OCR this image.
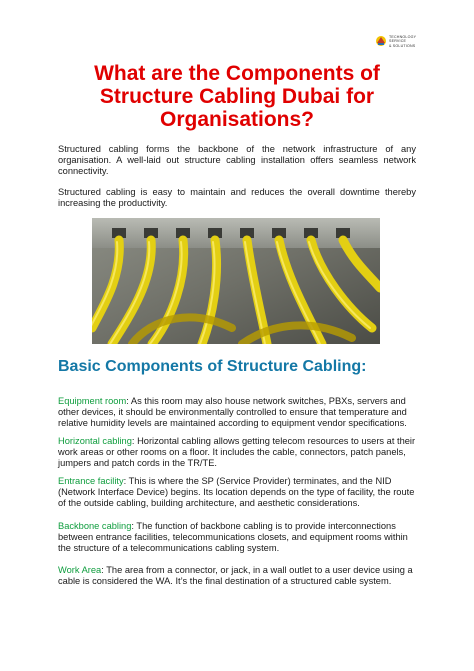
TECHNOLOGY
SERVICE
& SOLUTIONS
What are the Components of Structure Cabling Dubai for Organisations?

Structured cabling forms the backbone of the network infrastructure of any organisation. A well-laid out structure cabling installation offers seamless network connectivity.

Structured cabling is easy to maintain and reduces the overall downtime thereby increasing the productivity.

Basic Components of Structure Cabling:

Equipment room: As this room may also house network switches, PBXs, servers and other devices, it should be environmentally controlled to ensure that temperature and relative humidity levels are maintained according to equipment vendor specifications.

Horizontal cabling: Horizontal cabling allows getting telecom resources to users at their work areas or other rooms on a floor. It includes the cable, connectors, patch panels, jumpers and patch cords in the TR/TE.

Entrance facility: This is where the SP (Service Provider) terminates, and the NID (Network Interface Device) begins. Its location depends on the type of facility, the route of the outside cabling, building architecture, and aesthetic considerations.

Backbone cabling: The function of backbone cabling is to provide interconnections between entrance facilities, telecommunications closets, and equipment rooms within the structure of a telecommunications cabling system.

Work Area: The area from a connector, or jack, in a wall outlet to a user device using a cable is considered the WA. It’s the final destination of a structured cable system.
